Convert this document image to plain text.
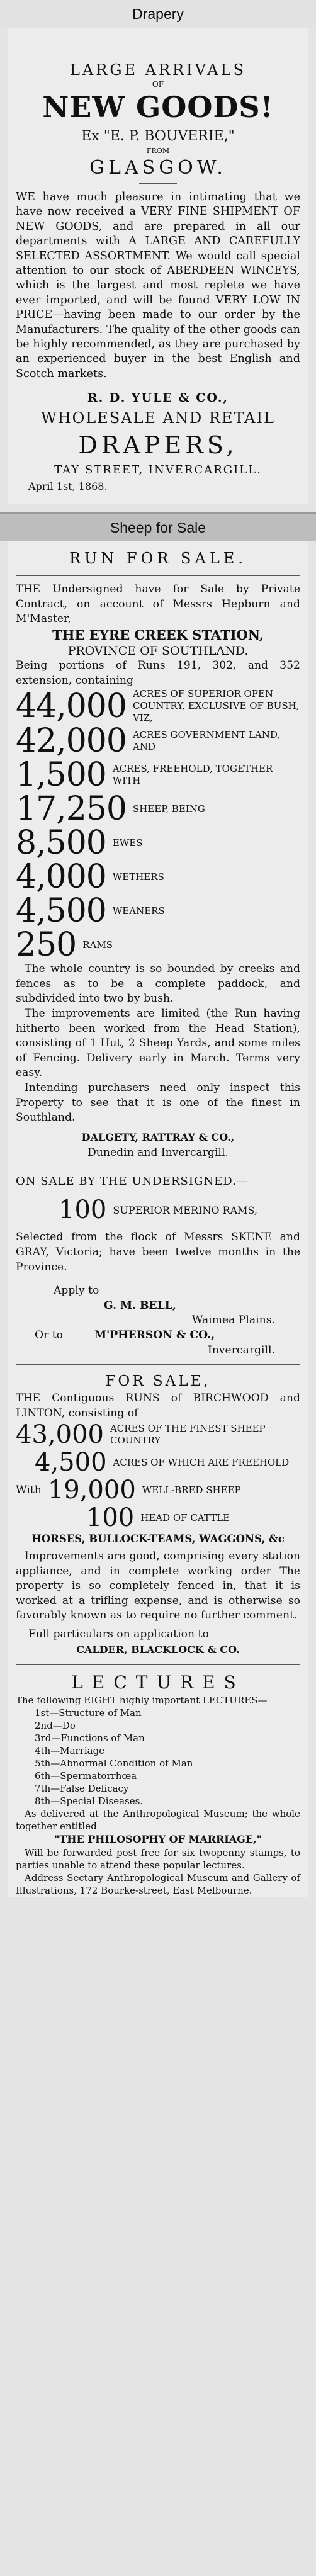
Drapery
LARGE ARRIVALS
OF
NEW GOODS!
Ex "E. P. BOUVERIE,"
FROM
GLASGOW.

WE have much pleasure in intimating that we have now received a VERY FINE SHIPMENT OF NEW GOODS, and are prepared in all our departments with A LARGE AND CAREFULLY SELECTED ASSORTMENT. We would call special attention to our stock of ABERDEEN WINCEYS, which is the largest and most replete we have ever imported, and will be found VERY LOW IN PRICE—having been made to our order by the Manufacturers. The quality of the other goods can be highly recommended, as they are purchased by an experienced buyer in the best English and Scotch markets.

R. D. YULE & CO.,
WHOLESALE AND RETAIL
DRAPERS,
TAY STREET, INVERCARGILL.
April 1st, 1868.
Sheep for Sale
RUN FOR SALE.

THE Undersigned have for Sale by Private Contract, on account of Messrs Hepburn and M'Master,

THE EYRE CREEK STATION,
PROVINCE OF SOUTHLAND.

Being portions of Runs 191, 302, and 352 extension, containing

44,000 ACRES OF SUPERIOR OPEN COUNTRY, EXCLUSIVE OF BUSH, VIZ,
42,000 ACRES GOVERNMENT LAND, AND
1,500 ACRES, FREEHOLD, TOGETHER WITH
17,250 SHEEP, BEING
8,500 EWES
4,000 WETHERS
4,500 WEANERS
250 RAMS

The whole country is so bounded by creeks and fences as to be a complete paddock, and subdivided into two by bush.

The improvements are limited (the Run having hitherto been worked from the Head Station), consisting of 1 Hut, 2 Sheep Yards, and some miles of Fencing. Delivery early in March. Terms very easy.

Intending purchasers need only inspect this Property to see that it is one of the finest in Southland.

DALGETY, RATTRAY & CO.,
Dunedin and Invercargill.
ON SALE BY THE UNDERSIGNED.—
100 SUPERIOR MERINO RAMS,

Selected from the flock of Messrs SKENE and GRAY, Victoria; have been twelve months in the Province.

Apply to
G. M. BELL,
Waimea Plains.
Or to	M'PHERSON & CO.,
Invercargill.
FOR SALE,

THE Contiguous RUNS of BIRCHWOOD and LINTON, consisting of

43,000 ACRES OF THE FINEST SHEEP COUNTRY
4,500 ACRES OF WHICH ARE FREEHOLD
With 19,000 WELL-BRED SHEEP
100 HEAD OF CATTLE
HORSES, BULLOCK-TEAMS, WAGGONS, &c

Improvements are good, comprising every station appliance, and in complete working order The property is so completely fenced in, that it is worked at a trifling expense, and is otherwise so favorably known as to require no further comment.

Full particulars on application to

CALDER, BLACKLOCK & CO.
LECTURES

The following EIGHT highly important LECTURES—

1st—Structure of Man
2nd—Do
3rd—Functions of Man
4th—Marriage
5th—Abnormal Condition of Man
6th—Spermatorrhœa
7th—False Delicacy
8th—Special Diseases.

As delivered at the Anthropological Museum; the whole together entitled

"THE PHILOSOPHY OF MARRIAGE,"

Will be forwarded post free for six twopenny stamps, to parties unable to attend these popular lectures.

Address Sectary Anthropological Museum and Gallery of Illustrations, 172 Bourke-street, East Melbourne.
